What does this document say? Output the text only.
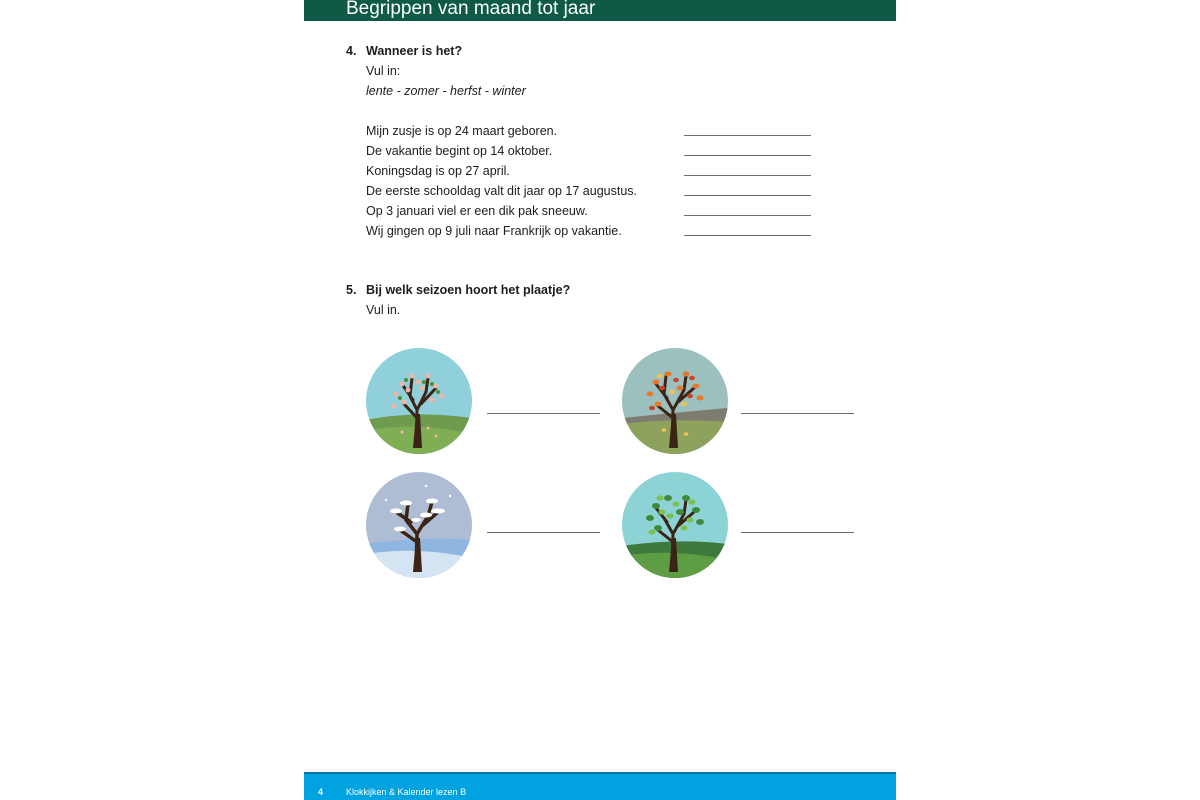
Begrippen van maand tot jaar
4. Wanneer is het?
Vul in:
lente - zomer - herfst - winter
Mijn zusje is op 24 maart geboren.
De vakantie begint op 14 oktober.
Koningsdag is op 27 april.
De eerste schooldag valt dit jaar op 17 augustus.
Op 3 januari viel er een dik pak sneeuw.
Wij gingen op 9 juli naar Frankrijk op vakantie.
5. Bij welk seizoen hoort het plaatje?
Vul in.
4	Klokkijken & Kalender lezen B
